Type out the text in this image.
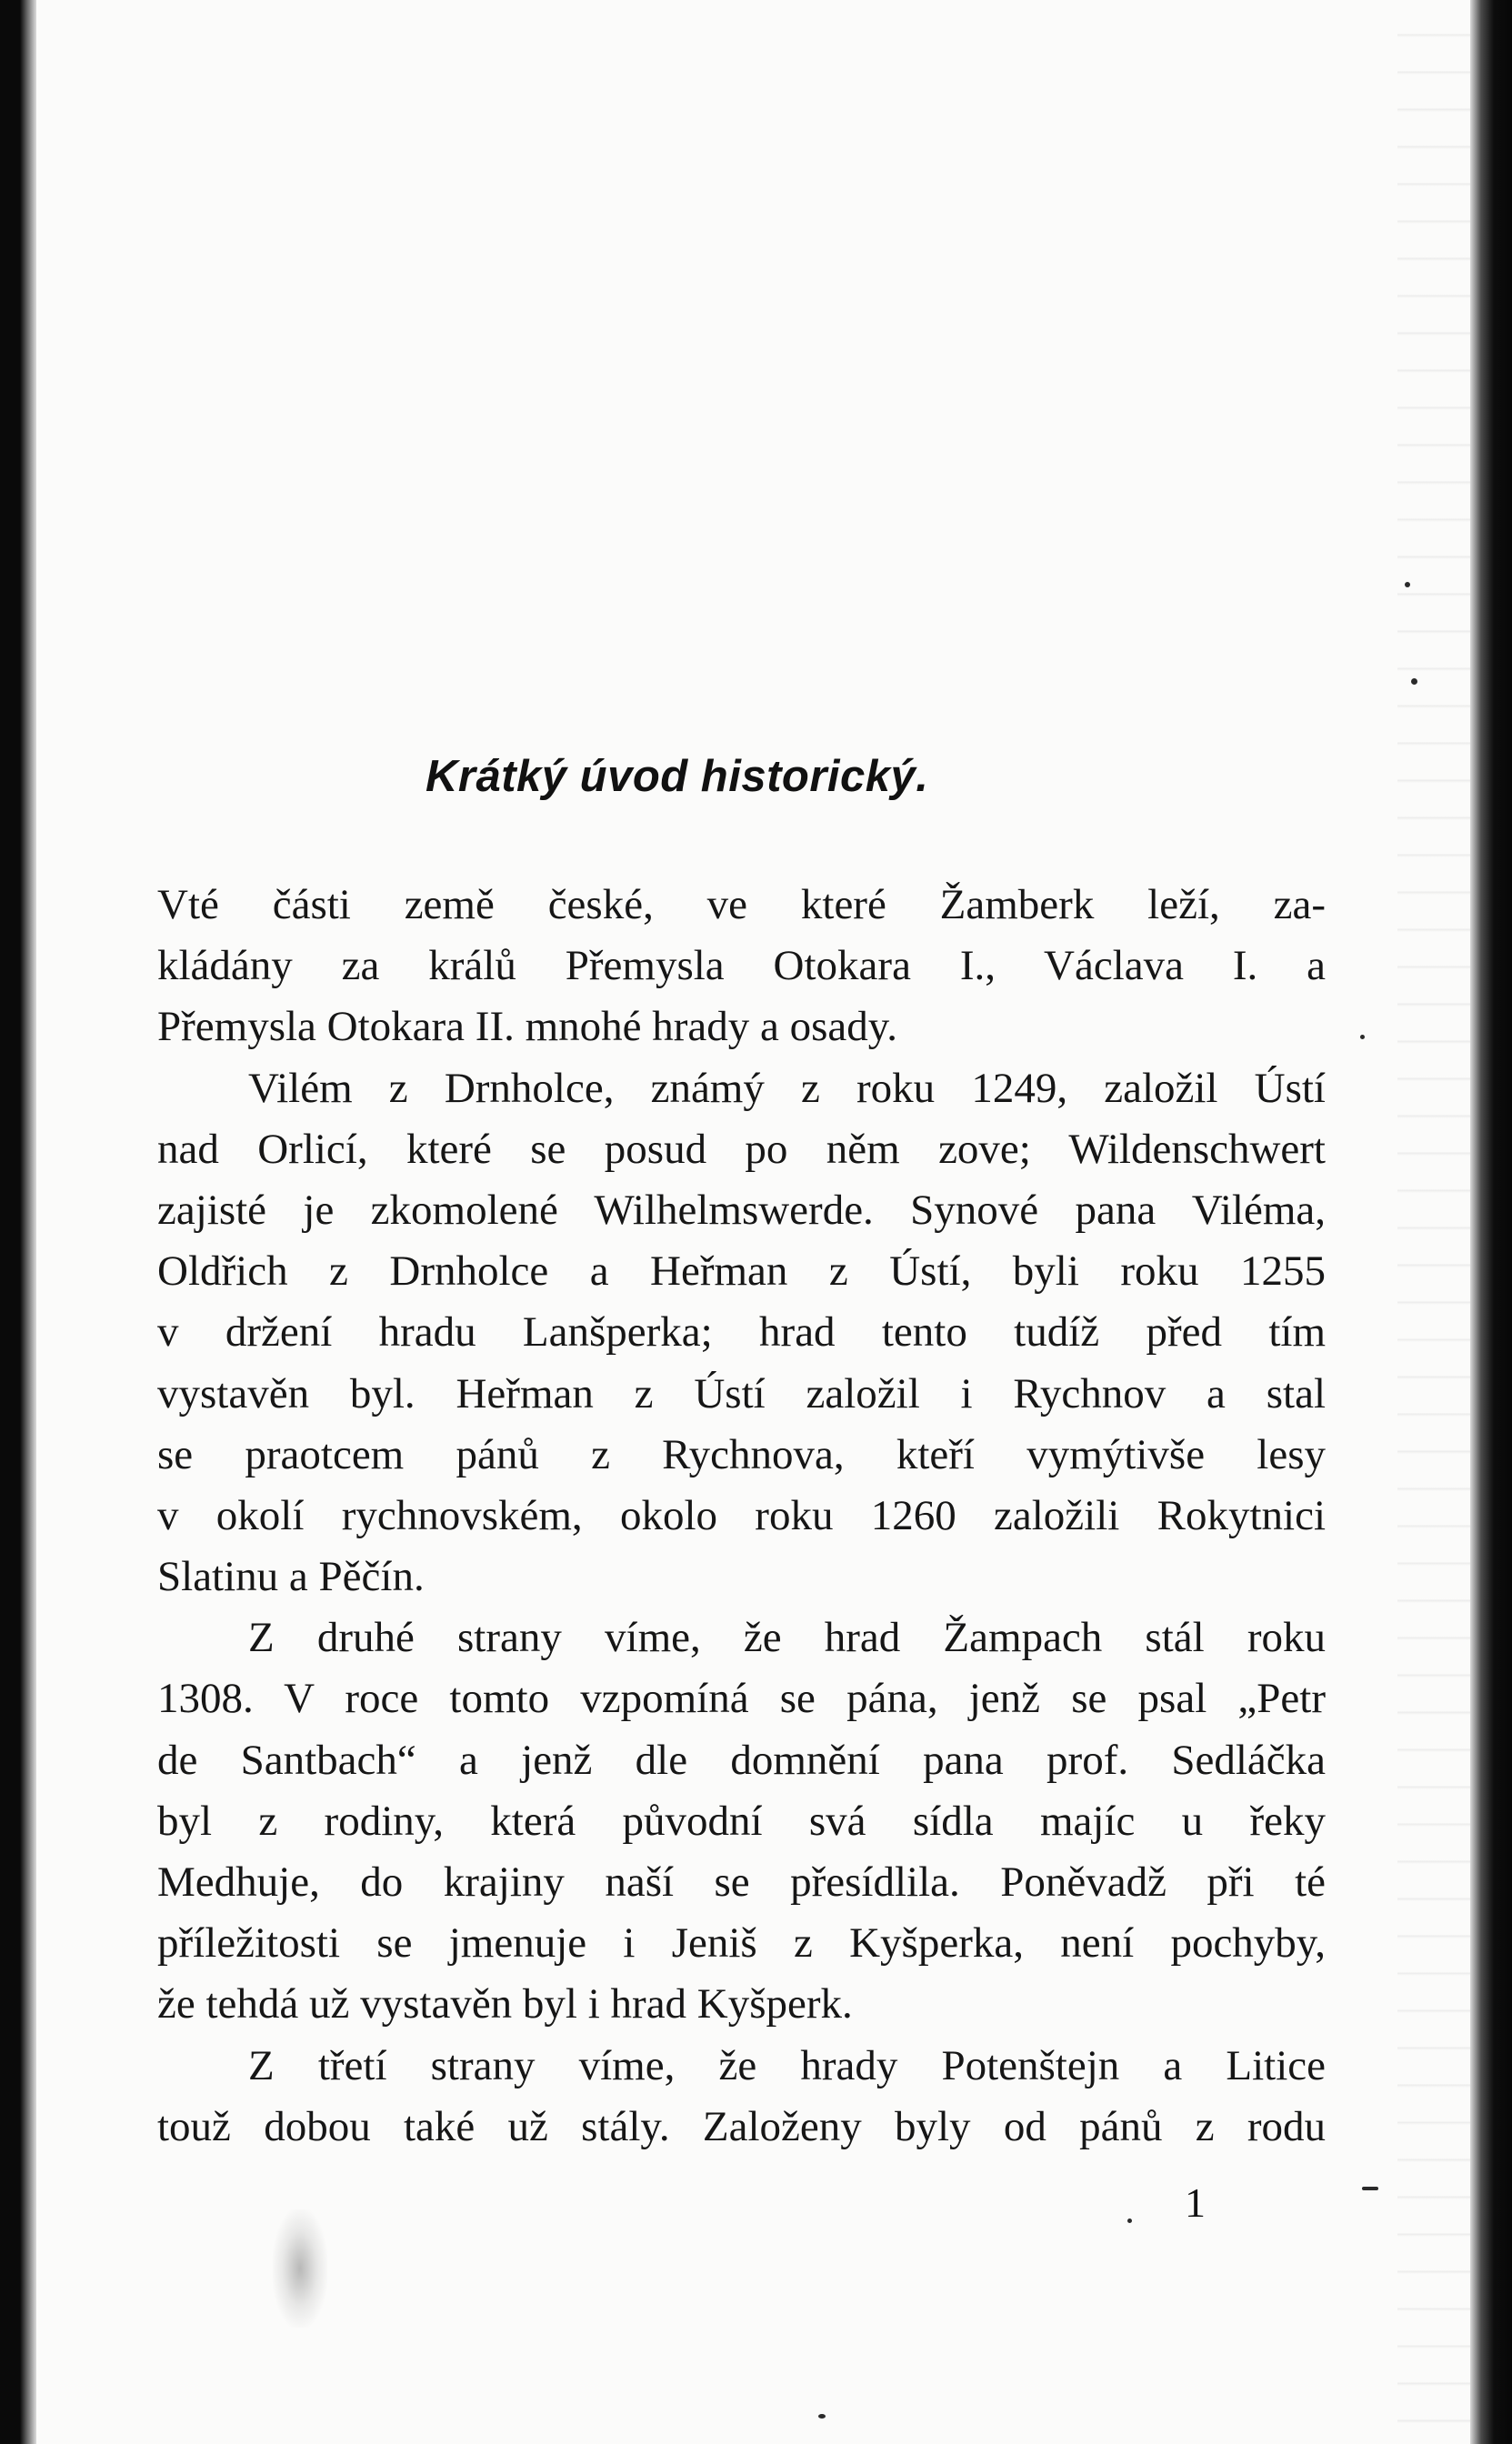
Krátký úvod historický.
Vté části země české, ve které Žamberk leží, za-
kládány za králů Přemysla Otokara I., Václava I. a
Přemysla Otokara II. mnohé hrady a osady.
Vilém z Drnholce, známý z roku 1249, založil Ústí
nad Orlicí, které se posud po něm zove; Wildenschwert
zajisté je zkomolené Wilhelmswerde. Synové pana Viléma,
Oldřich z Drnholce a Heřman z Ústí, byli roku 1255
v držení hradu Lanšperka; hrad tento tudíž před tím
vystavěn byl. Heřman z Ústí založil i Rychnov a stal
se praotcem pánů z Rychnova, kteří vymýtivše lesy
v okolí rychnovském, okolo roku 1260 založili Rokytnici
Slatinu a Pěčín.
Z druhé strany víme, že hrad Žampach stál roku
1308. V roce tomto vzpomíná se pána, jenž se psal „Petr
de Santbach“ a jenž dle domnění pana prof. Sedláčka
byl z rodiny, která původní svá sídla majíc u řeky
Medhuje, do krajiny naší se přesídlila. Poněvadž při té
příležitosti se jmenuje i Jeniš z Kyšperka, není pochyby,
že tehdá už vystavěn byl i hrad Kyšperk.
Z třetí strany víme, že hrady Potenštejn a Litice
touž dobou také už stály. Založeny byly od pánů z rodu
1
